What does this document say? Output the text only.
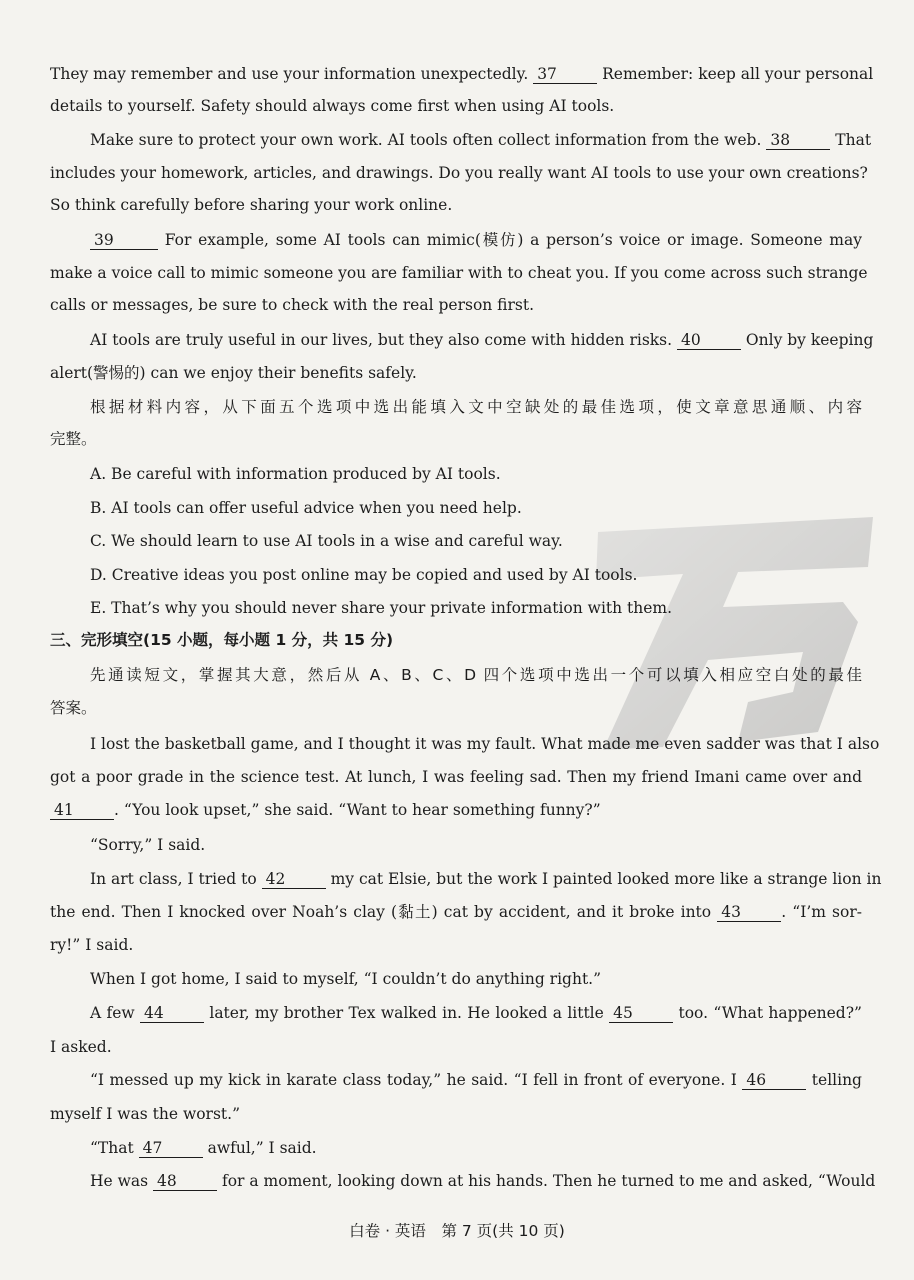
They may remember and use your information unexpectedly. 37	Remember: keep all your personal
details to yourself. Safety should always come first when using AI tools.
Make sure to protect your own work. AI tools often collect information from the web. 38	That
includes your homework, articles, and drawings. Do you really want AI tools to use your own creations?
So think carefully before sharing your work online.
39	For example, some AI tools can mimic(模仿) a person’s voice or image. Someone may
make a voice call to mimic someone you are familiar with to cheat you. If you come across such strange
calls or messages, be sure to check with the real person first.
AI tools are truly useful in our lives, but they also come with hidden risks. 40	Only by keeping
alert(警惕的) can we enjoy their benefits safely.
根据材料内容，从下面五个选项中选出能填入文中空缺处的最佳选项，使文章意思通顺、内容
完整。
A. Be careful with information produced by AI tools.
B. AI tools can offer useful advice when you need help.
C. We should learn to use AI tools in a wise and careful way.
D. Creative ideas you post online may be copied and used by AI tools.
E. That’s why you should never share your private information with them.
三、完形填空(15 小题，每小题 1 分，共 15 分)
先通读短文，掌握其大意，然后从 A、B、C、D 四个选项中选出一个可以填入相应空白处的最佳
答案。
I lost the basketball game, and I thought it was my fault. What made me even sadder was that I also
got a poor grade in the science test. At lunch, I was feeling sad. Then my friend Imani came over and
41	. “You look upset,” she said. “Want to hear something funny?”
“Sorry,” I said.
In art class, I tried to 42	my cat Elsie, but the work I painted looked more like a strange lion in
the end. Then I knocked over Noah’s clay (黏土) cat by accident, and it broke into 43	. “I’m sor-
ry!” I said.
When I got home, I said to myself, “I couldn’t do anything right.”
A few 44	later, my brother Tex walked in. He looked a little 45	too. “What happened?”
I asked.
“I messed up my kick in karate class today,” he said. “I fell in front of everyone. I 46	telling
myself I was the worst.”
“That 47	awful,” I said.
He was 48	for a moment, looking down at his hands. Then he turned to me and asked, “Would
白卷 · 英语　第 7 页(共 10 页)
